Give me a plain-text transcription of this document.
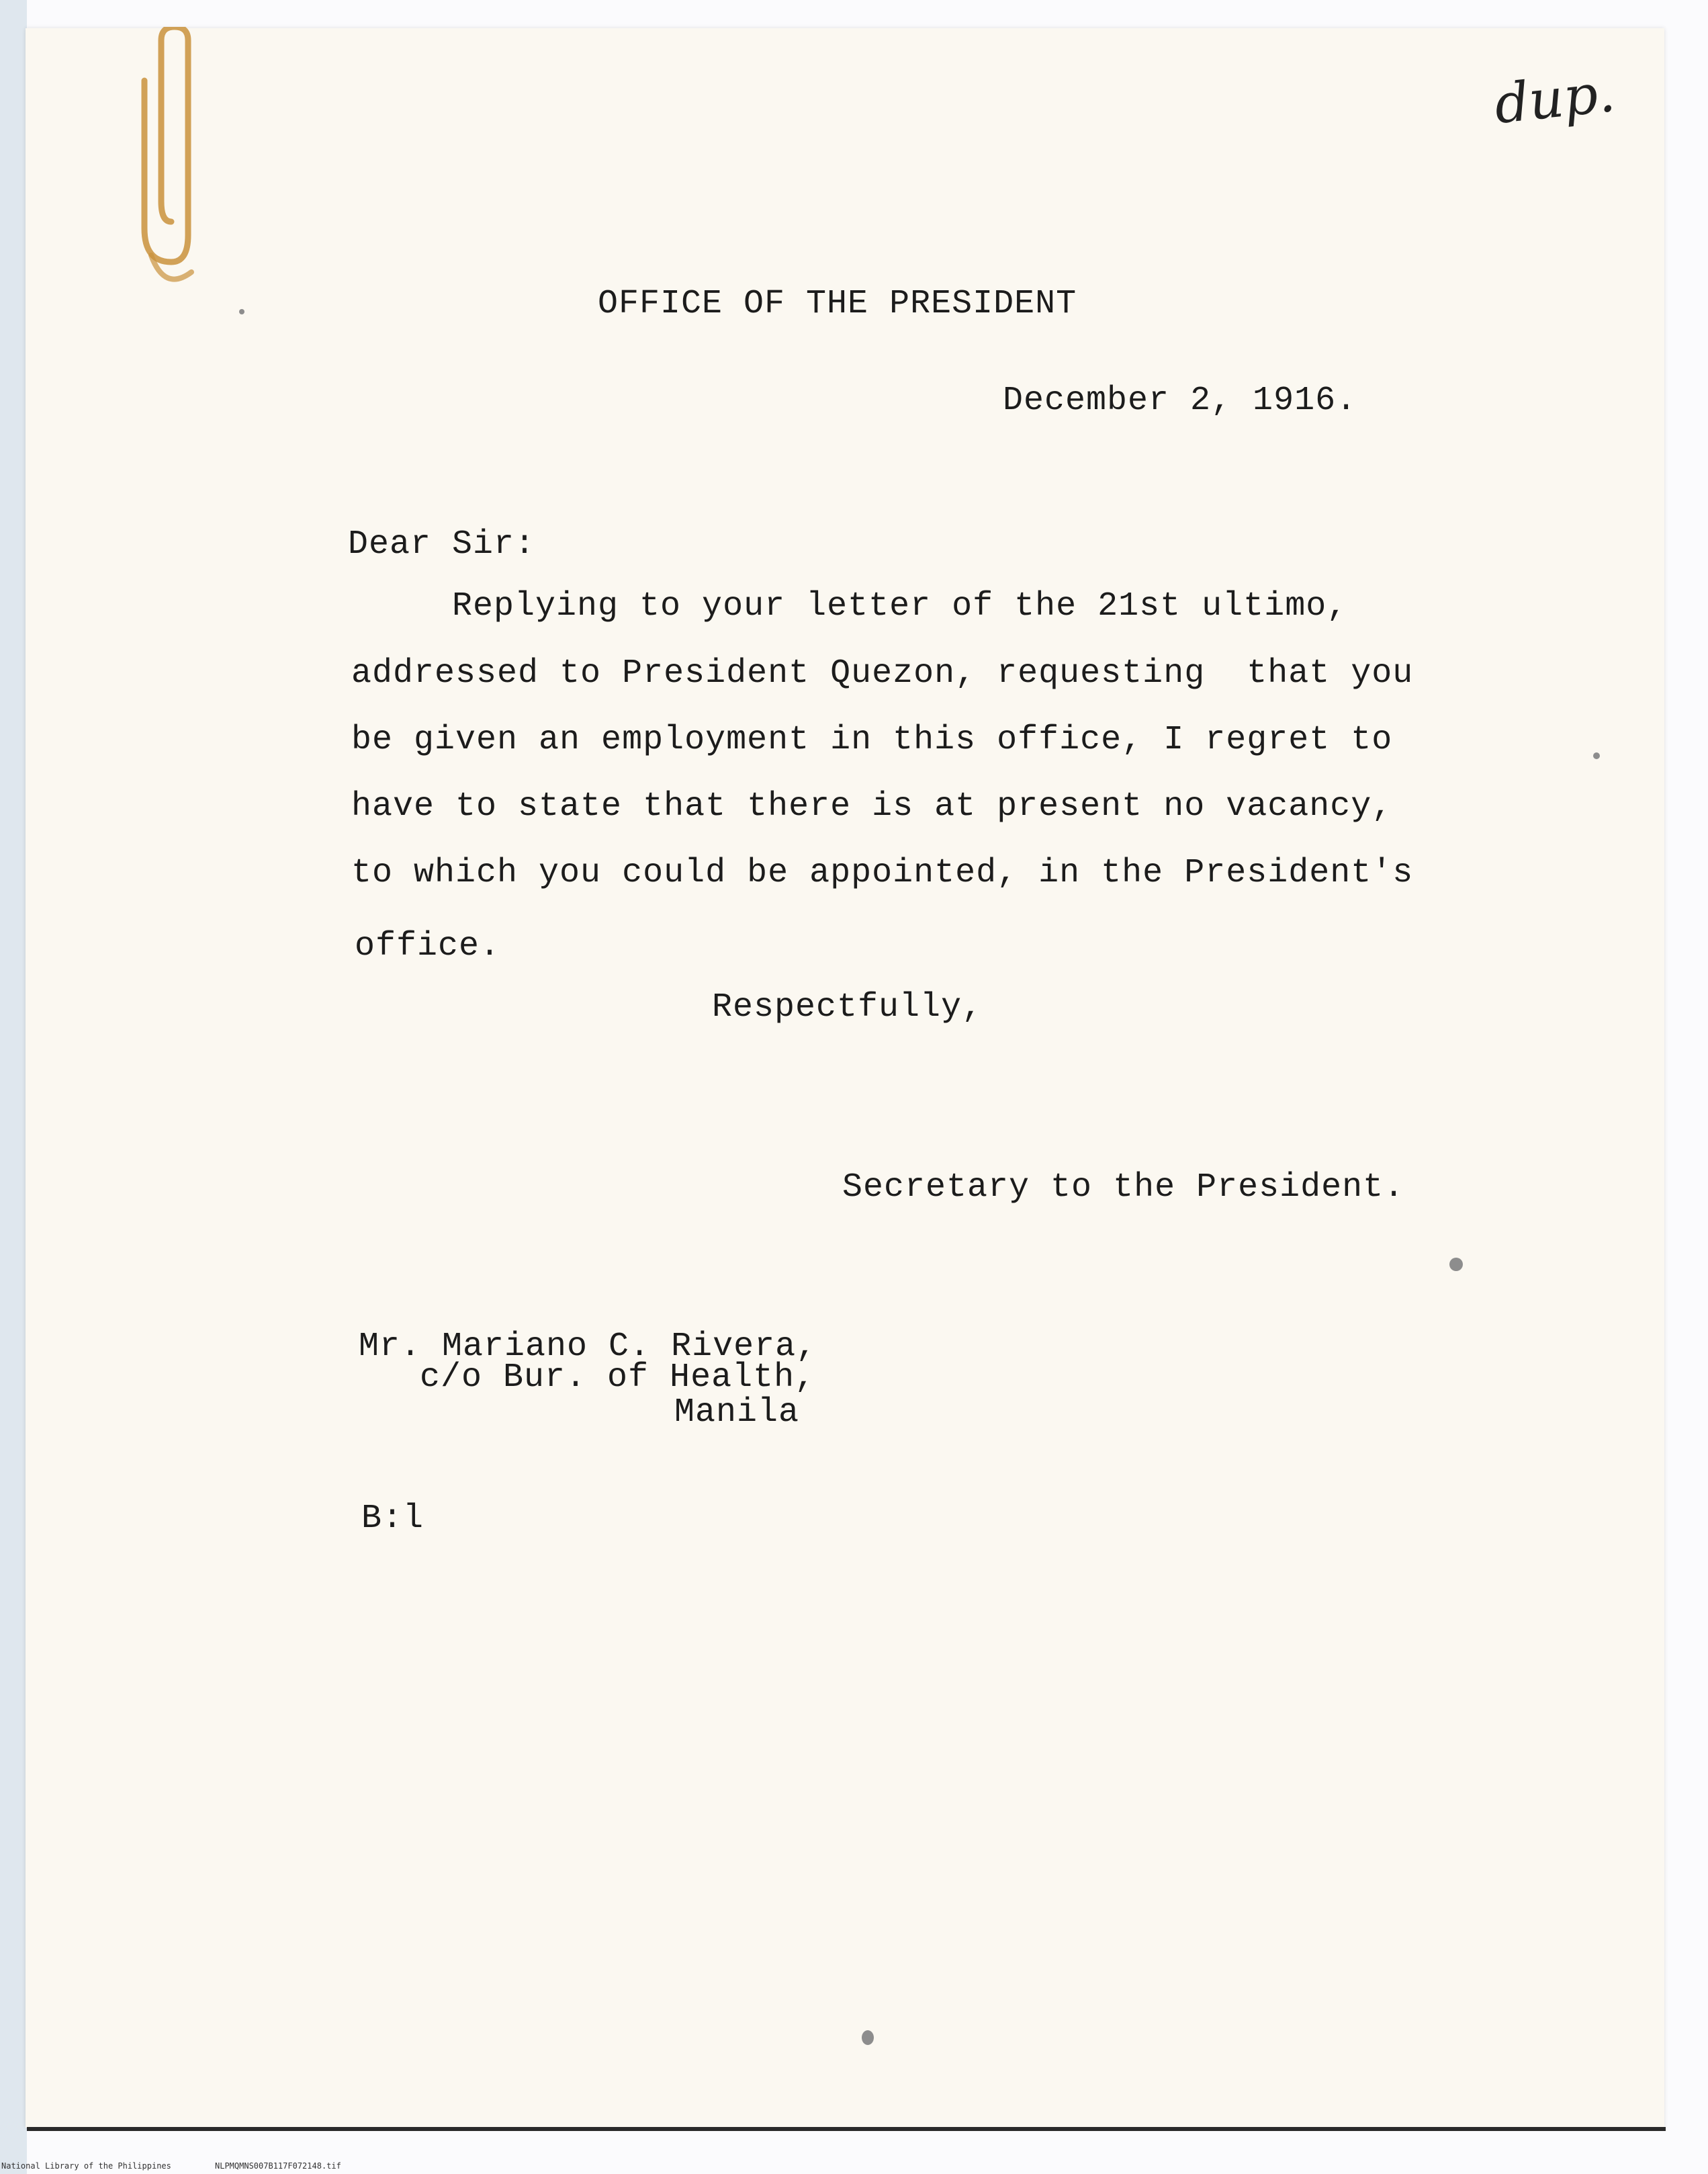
dup.
OFFICE OF THE PRESIDENT
December 2, 1916.
Dear Sir:
Replying to your letter of the 21st ultimo,
addressed to President Quezon, requesting  that you
be given an employment in this office, I regret to
have to state that there is at present no vacancy,
to which you could be appointed, in the President's
office.
Respectfully,
Secretary to the President.
Mr. Mariano C. Rivera,
c/o Bur. of Health,
Manila
B:l
National Library of the Philippines	NLPMQMNS007B117F072148.tif
